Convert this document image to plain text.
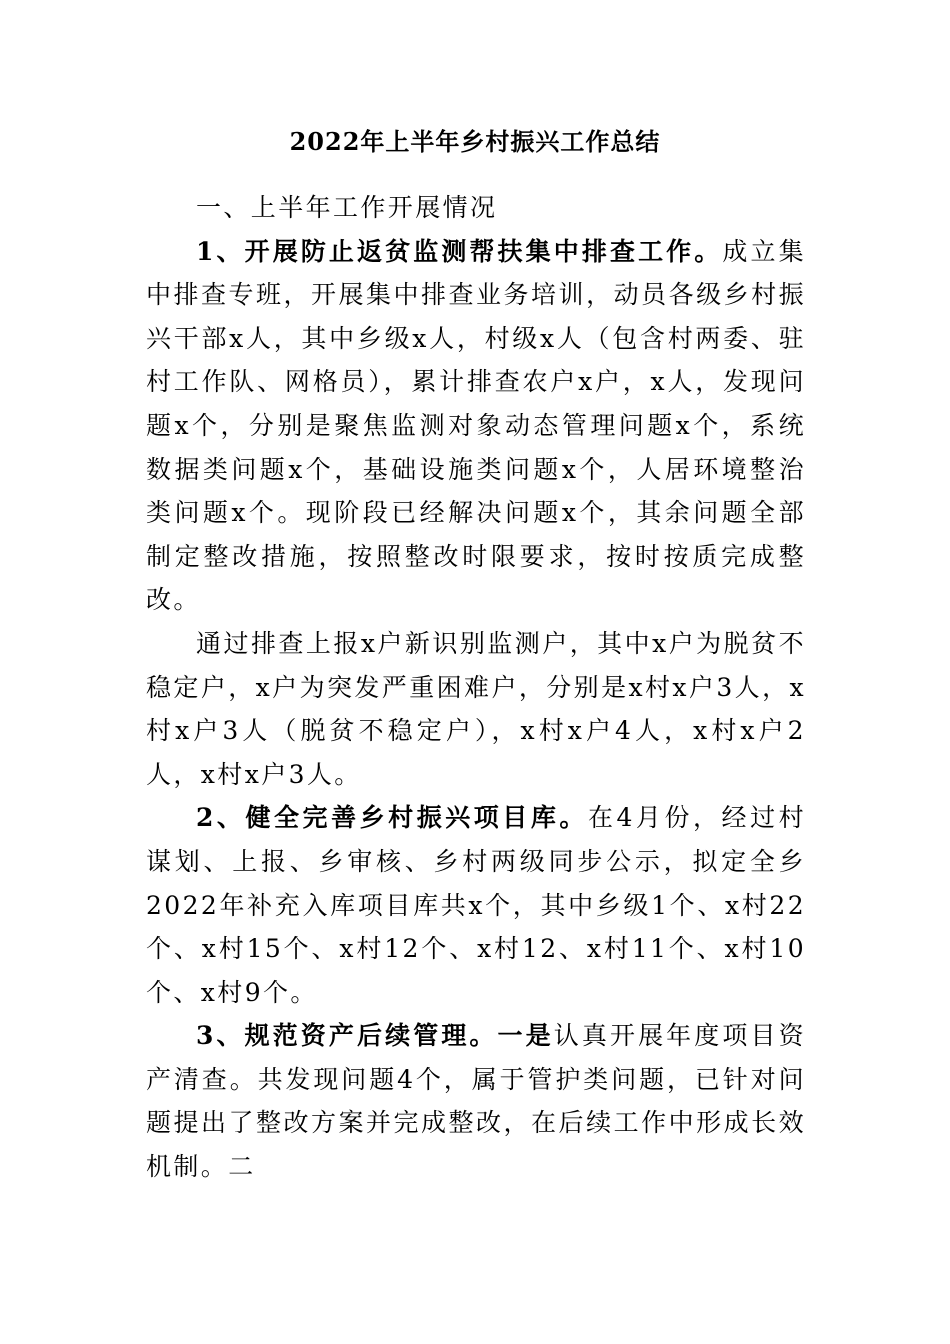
2022年上半年乡村振兴工作总结

一、上半年工作开展情况

1、开展防止返贫监测帮扶集中排查工作。成立集中排查专班，开展集中排查业务培训，动员各级乡村振兴干部x人，其中乡级x人，村级x人（包含村两委、驻村工作队、网格员），累计排查农户x户，x人，发现问题x个，分别是聚焦监测对象动态管理问题x个，系统数据类问题x个，基础设施类问题x个，人居环境整治类问题x个。现阶段已经解决问题x个，其余问题全部制定整改措施，按照整改时限要求，按时按质完成整改。

通过排查上报x户新识别监测户，其中x户为脱贫不稳定户，x户为突发严重困难户，分别是x村x户3人，x村x户3人（脱贫不稳定户），x村x户4人，x村x户2人，x村x户3人。

2、健全完善乡村振兴项目库。在4月份，经过村谋划、上报、乡审核、乡村两级同步公示，拟定全乡2022年补充入库项目库共x个，其中乡级1个、x村22个、x村15个、x村12个、x村12、x村11个、x村10个、x村9个。

3、规范资产后续管理。一是认真开展年度项目资产清查。共发现问题4个，属于管护类问题，已针对问题提出了整改方案并完成整改，在后续工作中形成长效机制。二
